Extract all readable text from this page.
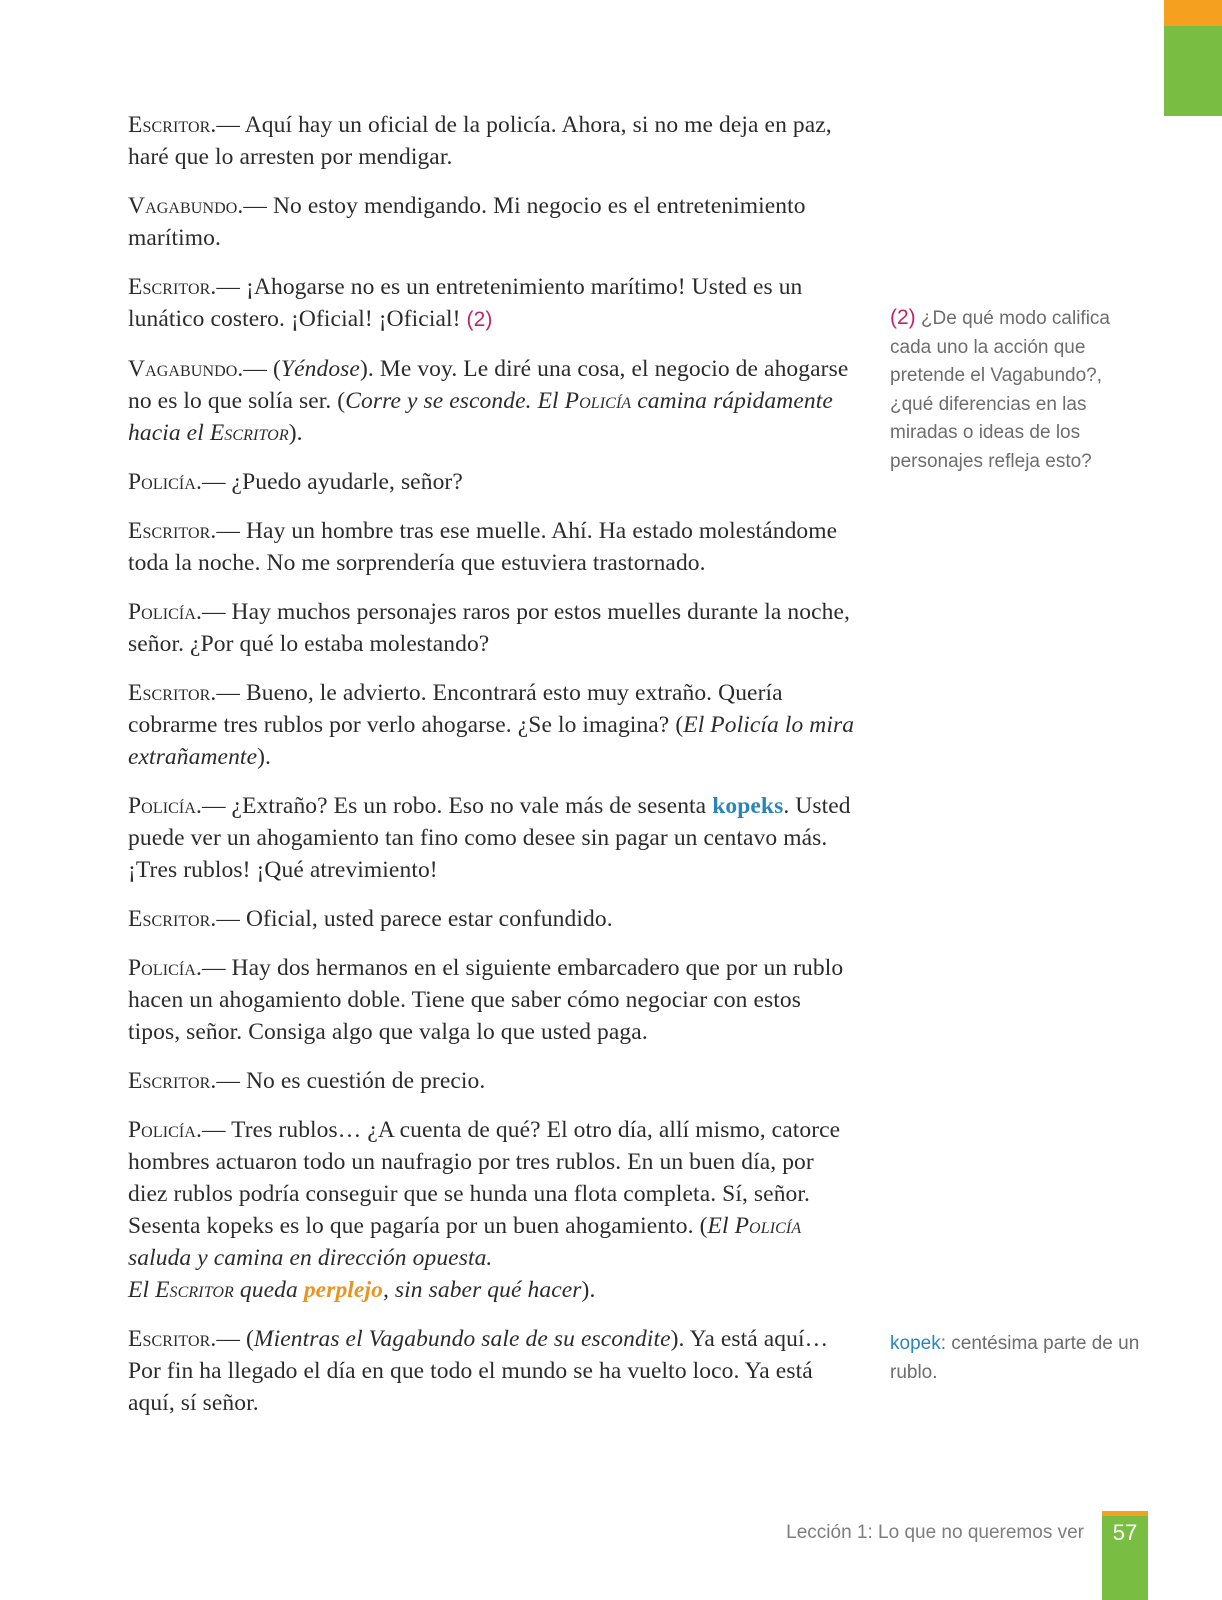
Escritor.— Aquí hay un oficial de la policía. Ahora, si no me deja en paz, haré que lo arresten por mendigar.

Vagabundo.— No estoy mendigando. Mi negocio es el entretenimiento marítimo.

Escritor.— ¡Ahogarse no es un entretenimiento marítimo! Usted es un lunático costero. ¡Oficial! ¡Oficial! (2)

Vagabundo.— (Yéndose). Me voy. Le diré una cosa, el negocio de ahogarse no es lo que solía ser. (Corre y se esconde. El Policía camina rápidamente hacia el Escritor).

Policía.— ¿Puedo ayudarle, señor?

Escritor.— Hay un hombre tras ese muelle. Ahí. Ha estado molestándome toda la noche. No me sorprendería que estuviera trastornado.

Policía.— Hay muchos personajes raros por estos muelles durante la noche, señor. ¿Por qué lo estaba molestando?

Escritor.— Bueno, le advierto. Encontrará esto muy extraño. Quería cobrarme tres rublos por verlo ahogarse. ¿Se lo imagina? (El Policía lo mira extrañamente).

Policía.— ¿Extraño? Es un robo. Eso no vale más de sesenta kopeks. Usted puede ver un ahogamiento tan fino como desee sin pagar un centavo más. ¡Tres rublos! ¡Qué atrevimiento!

Escritor.— Oficial, usted parece estar confundido.

Policía.— Hay dos hermanos en el siguiente embarcadero que por un rublo hacen un ahogamiento doble. Tiene que saber cómo negociar con estos tipos, señor. Consiga algo que valga lo que usted paga.

Escritor.— No es cuestión de precio.

Policía.— Tres rublos… ¿A cuenta de qué? El otro día, allí mismo, catorce hombres actuaron todo un naufragio por tres rublos. En un buen día, por diez rublos podría conseguir que se hunda una flota completa. Sí, señor. Sesenta kopeks es lo que pagaría por un buen ahogamiento. (El Policía saluda y camina en dirección opuesta.
El Escritor queda perplejo, sin saber qué hacer).

Escritor.— (Mientras el Vagabundo sale de su escondite). Ya está aquí… Por fin ha llegado el día en que todo el mundo se ha vuelto loco. Ya está aquí, sí señor.

(2) ¿De qué modo califica cada uno la acción que pretende el Vagabundo?, ¿qué diferencias en las miradas o ideas de los personajes refleja esto?
kopek: centésima parte de un rublo.
Lección 1: Lo que no queremos ver	57
